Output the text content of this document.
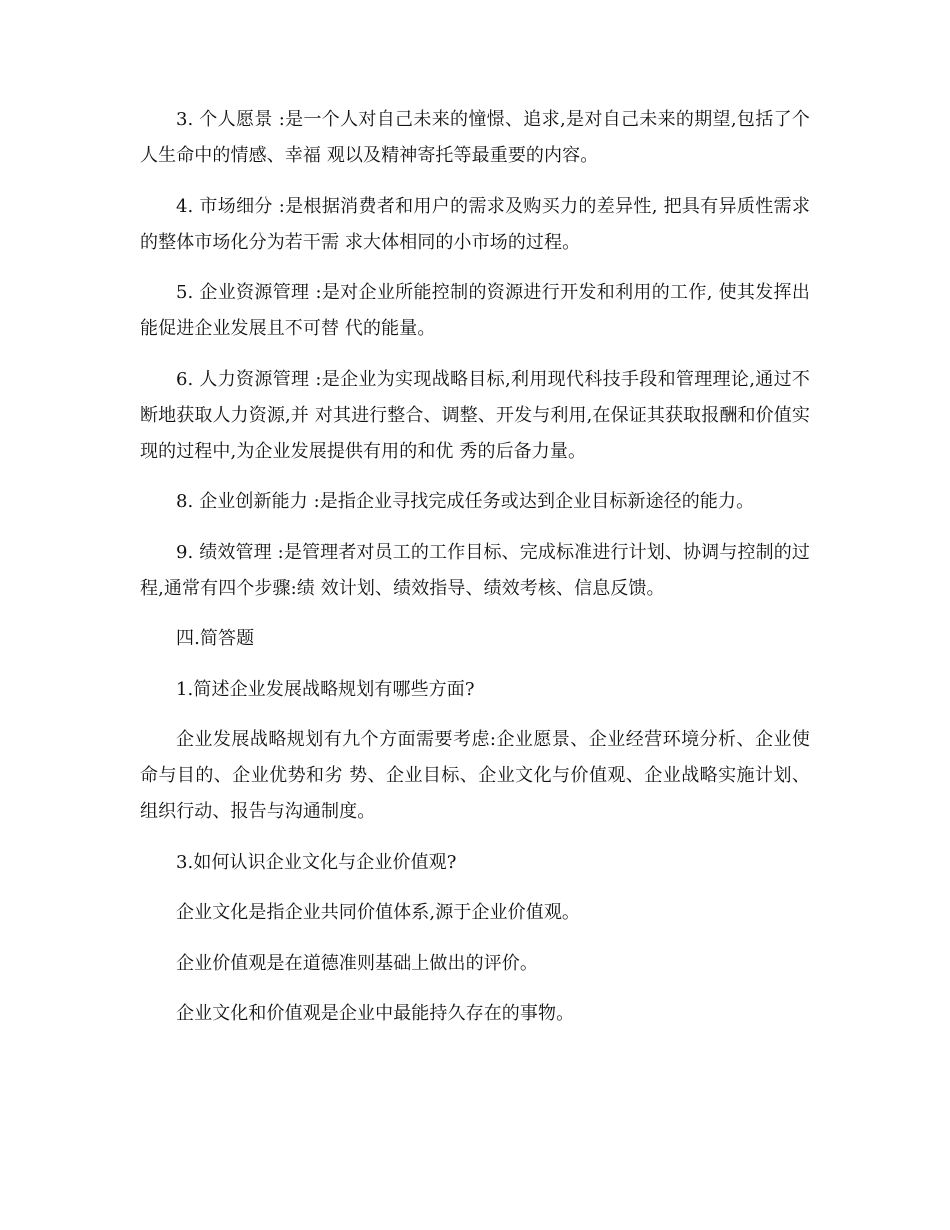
3. 个人愿景 :是一个人对自己未来的憧憬、追求,是对自己未来的期望,包括了个人生命中的情感、幸福 观以及精神寄托等最重要的内容。

4. 市场细分 :是根据消费者和用户的需求及购买力的差异性, 把具有异质性需求的整体市场化分为若干需 求大体相同的小市场的过程。

5. 企业资源管理 :是对企业所能控制的资源进行开发和利用的工作, 使其发挥出能促进企业发展且不可替 代的能量。

6. 人力资源管理 :是企业为实现战略目标,利用现代科技手段和管理理论,通过不断地获取人力资源,并 对其进行整合、调整、开发与利用,在保证其获取报酬和价值实现的过程中,为企业发展提供有用的和优 秀的后备力量。

8. 企业创新能力 :是指企业寻找完成任务或达到企业目标新途径的能力。

9. 绩效管理 :是管理者对员工的工作目标、完成标准进行计划、协调与控制的过程,通常有四个步骤:绩 效计划、绩效指导、绩效考核、信息反馈。

四.简答题

1.简述企业发展战略规划有哪些方面?

企业发展战略规划有九个方面需要考虑:企业愿景、企业经营环境分析、企业使命与目的、企业优势和劣 势、企业目标、企业文化与价值观、企业战略实施计划、组织行动、报告与沟通制度。

3.如何认识企业文化与企业价值观?

企业文化是指企业共同价值体系,源于企业价值观。

企业价值观是在道德准则基础上做出的评价。

企业文化和价值观是企业中最能持久存在的事物。
